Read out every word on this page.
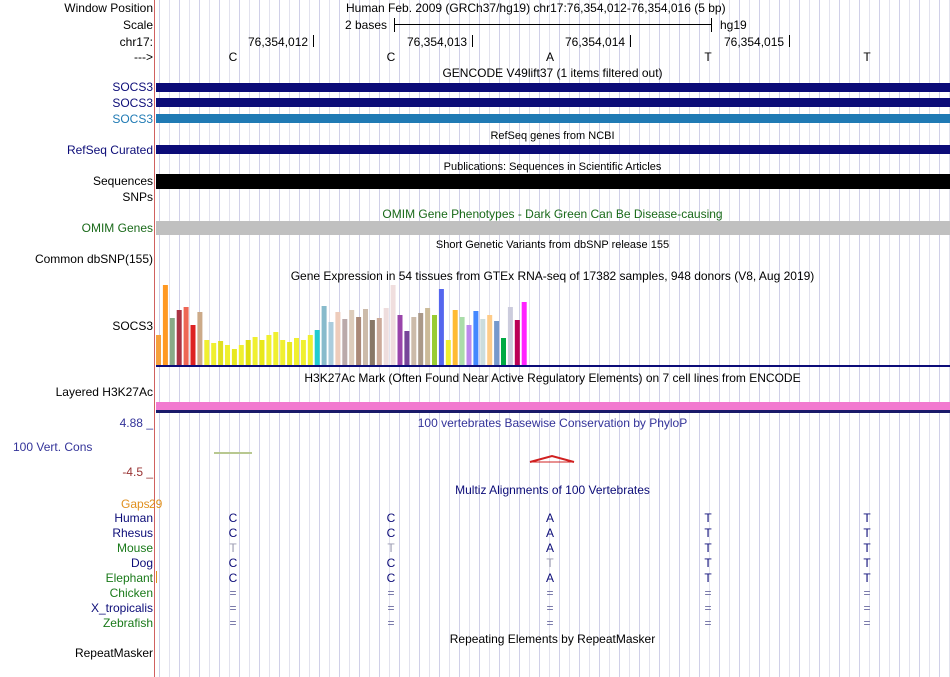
Window Position	Human Feb. 2009 (GRCh37/hg19) chr17:76,354,012-76,354,016 (5 bp)
Scale	2 bases	hg19
chr17:	76,354,012	76,354,013	76,354,014	76,354,015
--->	C	C	A	T	T
GENCODE V49lift37 (1 items filtered out)
SOCS3
SOCS3
SOCS3
RefSeq genes from NCBI
RefSeq Curated
Publications: Sequences in Scientific Articles
Sequences
SNPs
OMIM Gene Phenotypes - Dark Green Can Be Disease-causing
OMIM Genes
Short Genetic Variants from dbSNP release 155
Common dbSNP(155)
Gene Expression in 54 tissues from GTEx RNA-seq of 17382 samples, 948 donors (V8, Aug 2019)
SOCS3
H3K27Ac Mark (Often Found Near Active Regulatory Elements) on 7 cell lines from ENCODE
Layered H3K27Ac
4.88 _	100 vertebrates Basewise Conservation by PhyloP
100 Vert. Cons
-4.5 _
Multiz Alignments of 100 Vertebrates
Gaps 29
Human	C	C	A	T	T
Rhesus	C	C	A	T	T
Mouse	T	T	A	T	T
Dog	C	C	T	T	T
Elephant	C	C	A	T	T
Chicken	=	=	=	=	=
X_tropicalis	=	=	=	=	=
Zebrafish	=	=	=	=	=
Repeating Elements by RepeatMasker
RepeatMasker
